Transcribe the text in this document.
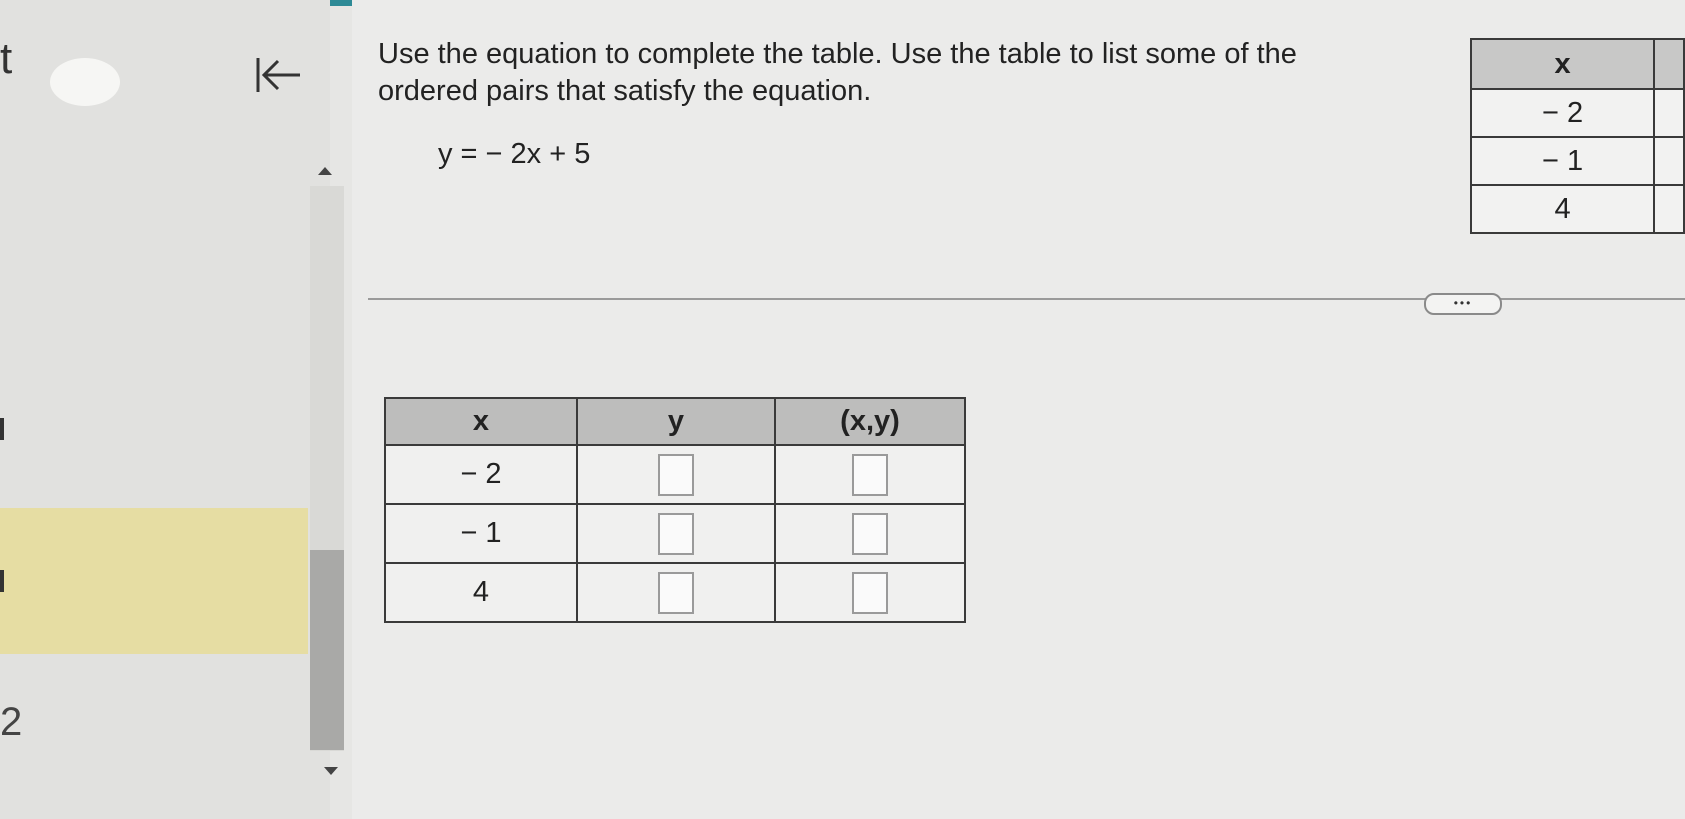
t
2
Use the equation to complete the table. Use the table to list some of the ordered pairs that satisfy the equation.
y = − 2x + 5
•••
x	y	(x,y)
− 2		
− 1		
4		
x	
− 2	
− 1	
4	
